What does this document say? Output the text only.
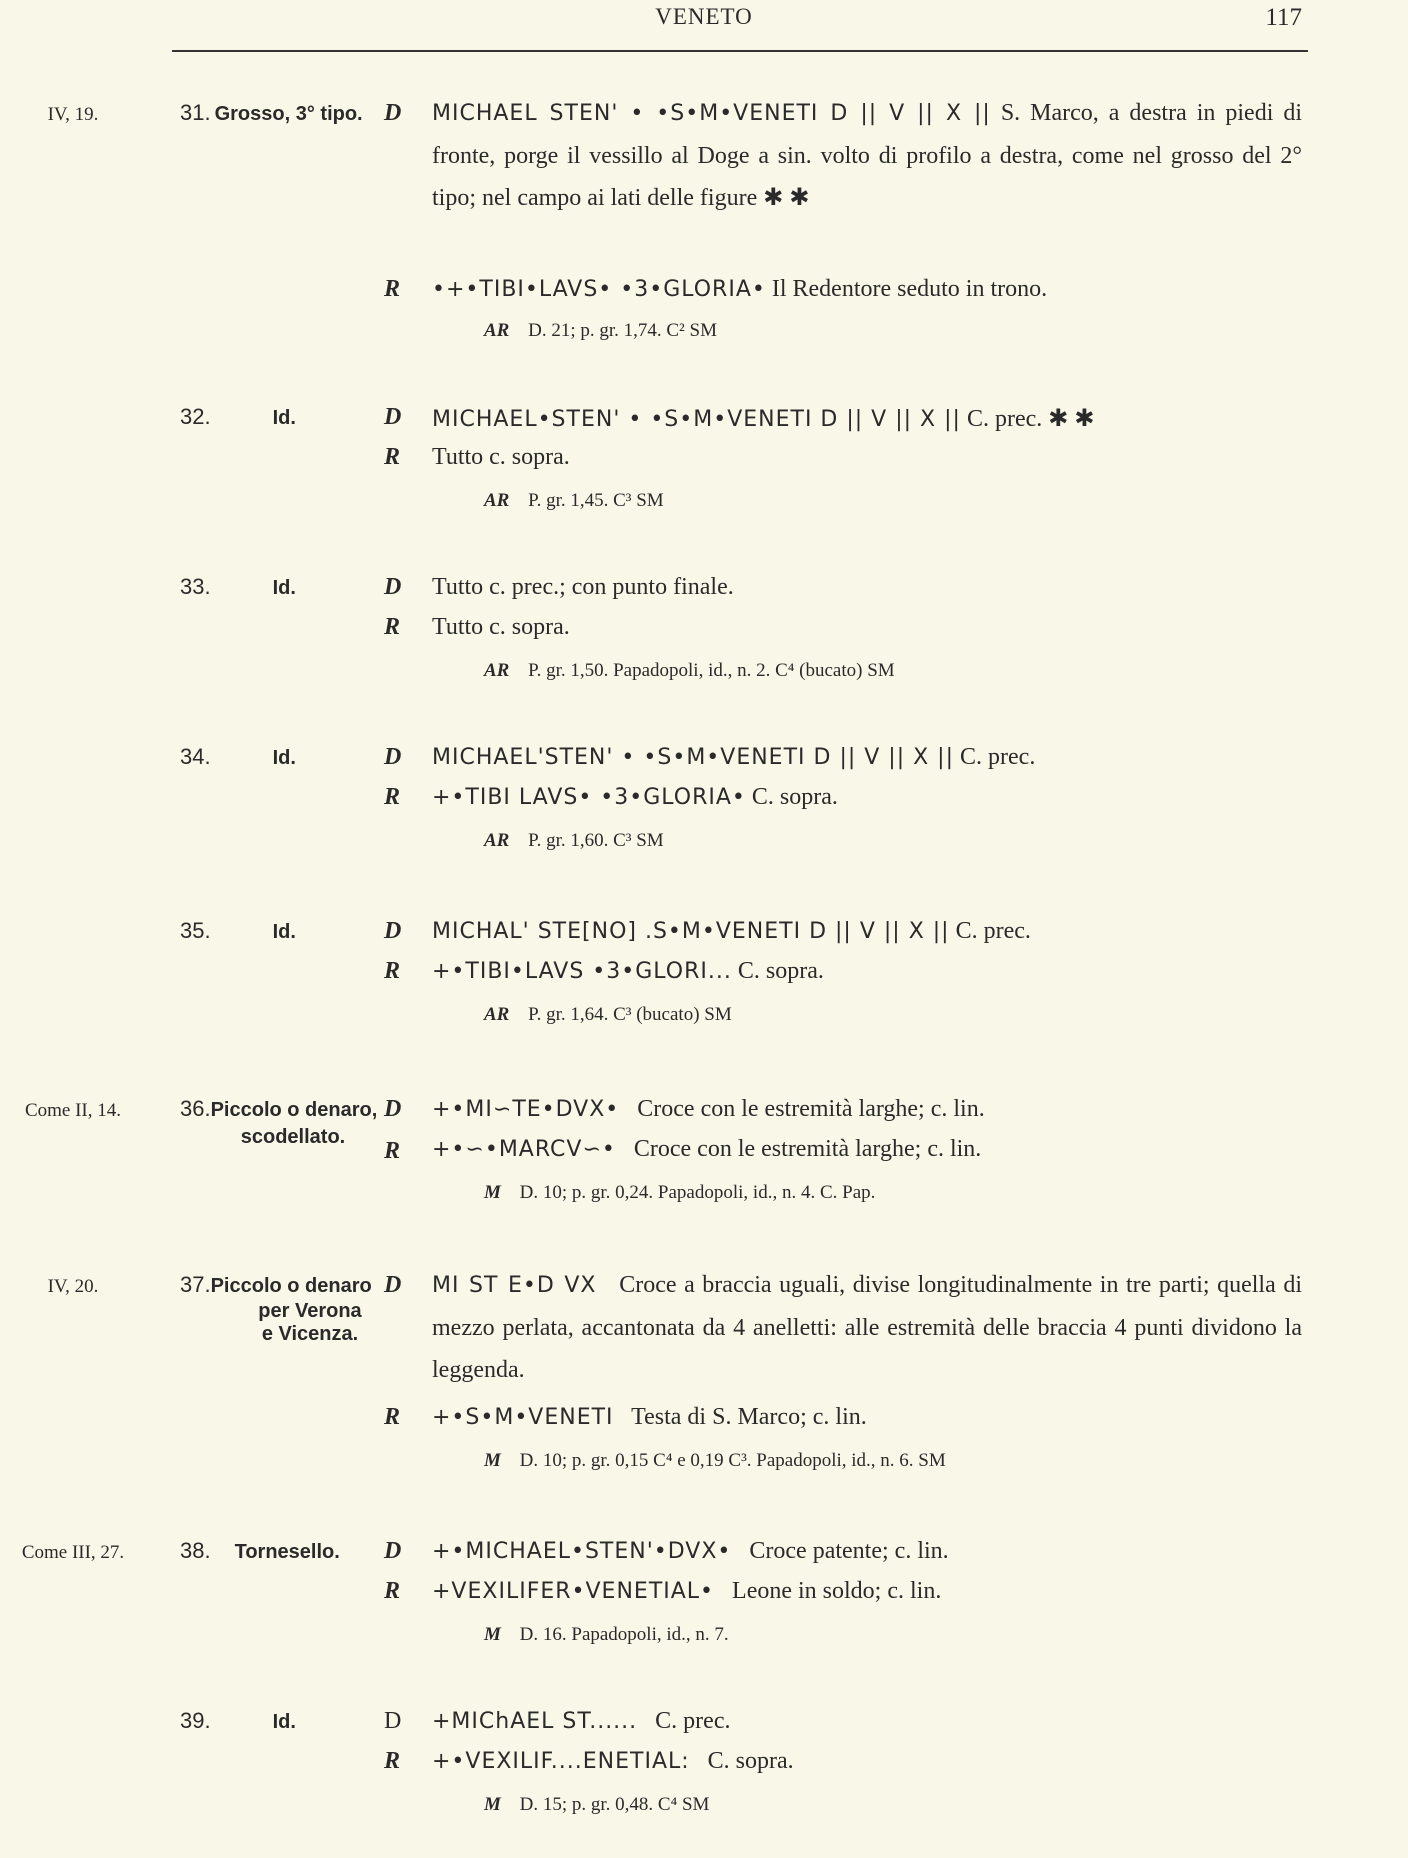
VENETO	117
IV, 19.	31. Grosso, 3° tipo. D MICHAEL STEN' • •S•M•VENETI D || V || X || S. Marco, a destra in piedi di fronte, porge il vessillo al Doge a sin. volto di profilo a destra, come nel grosso del 2° tipo; nel campo ai lati delle figure ✱ ✱
R •+•TIBI•LAVS• •3•GLORIA• Il Redentore seduto in trono.
AR D. 21; p. gr. 1,74. C² SM
32.	Id.	D MICHAEL•STEN' • •S•M•VENETI D || V || X || C. prec. ✱ ✱
R Tutto c. sopra.
AR P. gr. 1,45. C³ SM
33.	Id.	D Tutto c. prec.; con punto finale.
R Tutto c. sopra.
AR P. gr. 1,50. Papadopoli, id., n. 2. C⁴ (bucato) SM
34.	Id.	D MICHAEL'STEN' • •S•M•VENETI D || V || X || C. prec.
R +•TIBI LAVS• •3•GLORIA• C. sopra.
AR P. gr. 1,60. C³ SM
35.	Id.	D MICHAL' STE[NO] .S•M•VENETI D || V || X || C. prec.
R +•TIBI•LAVS •3•GLORI... C. sopra.
AR P. gr. 1,64. C³ (bucato) SM
Come II, 14.	36.Piccolo o denaro,
scodellato.
D +•MI∽TE•DVX• Croce con le estremità larghe; c. lin.
R +•∽•MARCV∽• Croce con le estremità larghe; c. lin.
M D. 10; p. gr. 0,24. Papadopoli, id., n. 4. C. Pap.
IV, 20.	37.Piccolo o denaro
per Verona
e Vicenza.
D MI ST E•D VX Croce a braccia uguali, divise longitudinalmente in tre parti; quella di mezzo perlata, accantonata da 4 anelletti: alle estremità delle braccia 4 punti dividono la leggenda.
R +•S•M•VENETI Testa di S. Marco; c. lin.
M D. 10; p. gr. 0,15 C⁴ e 0,19 C³. Papadopoli, id., n. 6. SM
Come III, 27.	38. Tornesello. D +•MICHAEL•STEN'•DVX• Croce patente; c. lin.
R +VEXILIFER•VENETIAL• Leone in soldo; c. lin.
M D. 16. Papadopoli, id., n. 7.
39.	Id.	D +MIChAEL ST...... C. prec.
R +•VEXILIF....ENETIAL: C. sopra.
M D. 15; p. gr. 0,48. C⁴ SM
